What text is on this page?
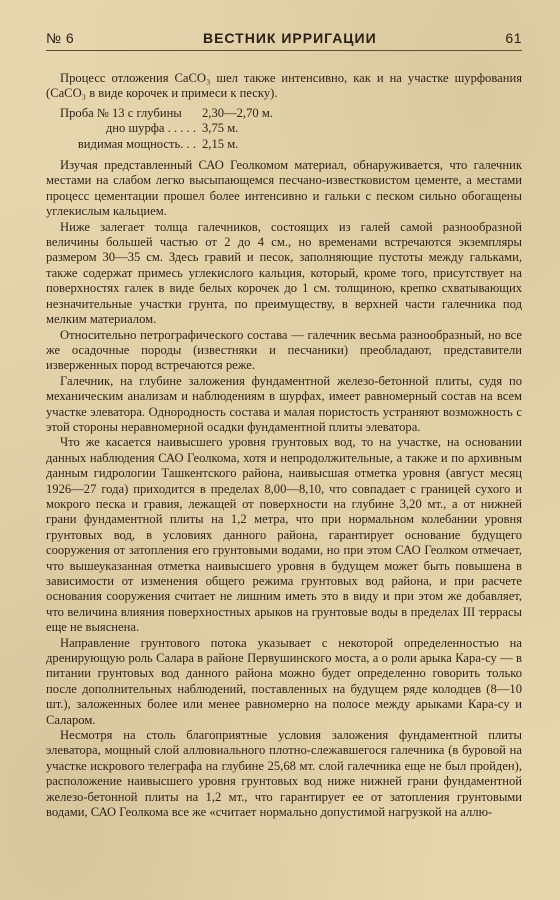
№ 6	ВЕСТНИК ИРРИГАЦИИ	61

Процесс отложения CaCO₃ шел также интенсивно, как и на участке шурфования (CaCO₃ в виде корочек и примеси к песку).

Проба № 13 с глубины	2,30—2,70 м.
дно шурфа . . . . . 3,75 м.
видимая мощность. . . 2,15 м.

Изучая представленный САО Геолкомом материал, обнаруживается, что галечник местами на слабом легко высыпающемся песчано-известковистом цементе, а местами процесс цементации прошел более интенсивно и гальки с песком сильно обогащены углекислым кальцием.

Ниже залегает толща галечников, состоящих из галей самой разнообразной величины большей частью от 2 до 4 см., но временами встречаются экземпляры размером 30—35 см. Здесь гравий и песок, заполняющие пустоты между гальками, также содержат примесь углекислого кальция, который, кроме того, присутствует на поверхностях галек в виде белых корочек до 1 см. толщиною, крепко схватывающих незначительные участки грунта, по преимуществу, в верхней части галечника под мелким материалом.

Относительно петрографического состава — галечник весьма разнообразный, но все же осадочные породы (известняки и песчаники) преобладают, представители изверженных пород встречаются реже.

Галечник, на глубине заложения фундаментной железо-бетонной плиты, судя по механическим анализам и наблюдениям в шурфах, имеет равномерный состав на всем участке элеватора. Однородность состава и малая пористость устраняют возможность с этой стороны неравномерной осадки фундаментной плиты элеватора.

Что же касается наивысшего уровня грунтовых вод, то на участке, на основании данных наблюдения САО Геолкома, хотя и непродолжительные, а также и по архивным данным гидрологии Ташкентского района, наивысшая отметка уровня (август месяц 1926—27 года) приходится в пределах 8,00—8,10, что совпадает с границей сухого и мокрого песка и гравия, лежащей от поверхности на глубине 3,20 мт., а от нижней грани фундаментной плиты на 1,2 метра, что при нормальном колебании уровня грунтовых вод, в условиях данного района, гарантирует основание будущего сооружения от затопления его грунтовыми водами, но при этом САО Геолком отмечает, что вышеуказанная отметка наивысшего уровня в будущем может быть повышена в зависимости от изменения общего режима грунтовых вод района, и при расчете основания сооружения считает не лишним иметь это в виду и при этом же добавляет, что величина влияния поверхностных арыков на грунтовые воды в пределах III террасы еще не выяснена.

Направление грунтового потока указывает с некоторой определенностью на дренирующую роль Салара в районе Первушинского моста, а о роли арыка Кара-су — в питании грунтовых вод данного района можно будет определенно говорить только после дополнительных наблюдений, поставленных на будущем ряде колодцев (8—10 шт.), заложенных более или менее равномерно на полосе между арыками Кара-су и Саларом.

Несмотря на столь благоприятные условия заложения фундаментной плиты элеватора, мощный слой аллювиального плотно-слежавшегося галечника (в буровой на участке искрового телеграфа на глубине 25,68 мт. слой галечника еще не был пройден), расположение наивысшего уровня грунтовых вод ниже нижней грани фундаментной железо-бетонной плиты на 1,2 мт., что гарантирует ее от затопления грунтовыми водами, САО Геолкома все же «считает нормально допустимой нагрузкой на аллю-
